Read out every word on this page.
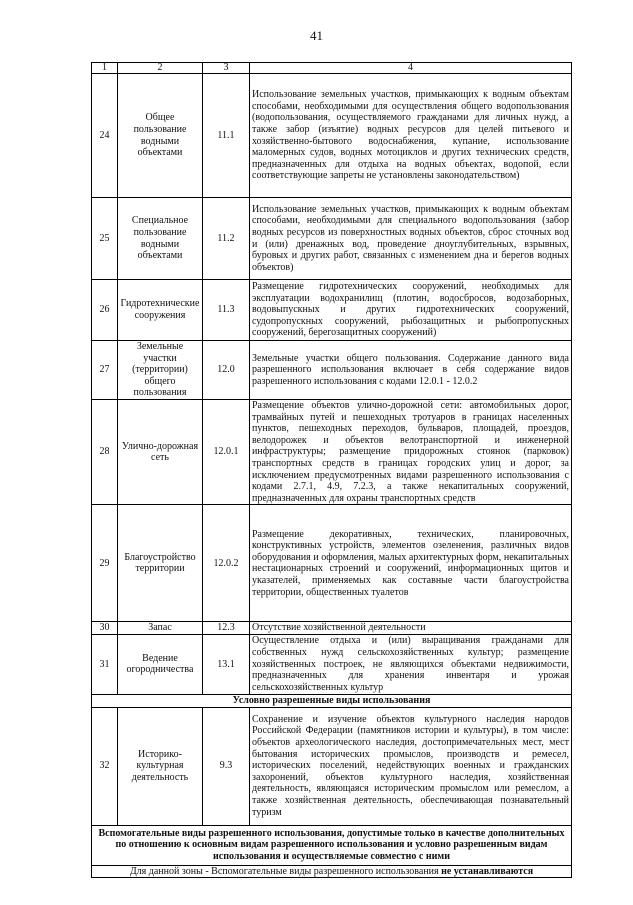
41
1	2	3	4
24	Общее пользование водными объектами	11.1	Использование земельных участков, примыкающих к водным объектам способами, необходимыми для осуществления общего водопользования (водопользования, осуществляемого гражданами для личных нужд, а также забор (изъятие) водных ресурсов для целей питьевого и хозяйственно-бытового водоснабжения, купание, использование маломерных судов, водных мотоциклов и других технических средств, предназначенных для отдыха на водных объектах, водопой, если соответствующие запреты не установлены законодательством)
25	Специальное пользование водными объектами	11.2	Использование земельных участков, примыкающих к водным объектам способами, необходимыми для специального водопользования (забор водных ресурсов из поверхностных водных объектов, сброс сточных вод и (или) дренажных вод, проведение дноуглубительных, взрывных, буровых и других работ, связанных с изменением дна и берегов водных объектов)
26	Гидротехнические сооружения	11.3	Размещение гидротехнических сооружений, необходимых для эксплуатации водохранилищ (плотин, водосбросов, водозаборных, водовыпускных и других гидротехнических сооружений, судопропускных сооружений, рыбозащитных и рыбопропускных сооружений, берегозащитных сооружений)
27	Земельные участки (территории) общего пользования	12.0	Земельные участки общего пользования. Содержание данного вида разрешенного использования включает в себя содержание видов разрешенного использования с кодами 12.0.1 - 12.0.2
28	Улично-дорожная сеть	12.0.1	Размещение объектов улично-дорожной сети: автомобильных дорог, трамвайных путей и пешеходных тротуаров в границах населенных пунктов, пешеходных переходов, бульваров, площадей, проездов, велодорожек и объектов велотранспортной и инженерной инфраструктуры; размещение придорожных стоянок (парковок) транспортных средств в границах городских улиц и дорог, за исключением предусмотренных видами разрешенного использования с кодами 2.7.1, 4.9, 7.2.3, а также некапитальных сооружений, предназначенных для охраны транспортных средств
29	Благоустройство территории	12.0.2	Размещение декоративных, технических, планировочных, конструктивных устройств, элементов озеленения, различных видов оборудования и оформления, малых архитектурных форм, некапитальных нестационарных строений и сооружений, информационных щитов и указателей, применяемых как составные части благоустройства территории, общественных туалетов
30	Запас	12.3	Отсутствие хозяйственной деятельности
31	Ведение огородничества	13.1	Осуществление отдыха и (или) выращивания гражданами для собственных нужд сельскохозяйственных культур; размещение хозяйственных построек, не являющихся объектами недвижимости, предназначенных для хранения инвентаря и урожая сельскохозяйственных культур
Условно разрешенные виды использования			
32	Историко-культурная деятельность	9.3	Сохранение и изучение объектов культурного наследия народов Российской Федерации (памятников истории и культуры), в том числе: объектов археологического наследия, достопримечательных мест, мест бытования исторических промыслов, производств и ремесел, исторических поселений, недействующих военных и гражданских захоронений, объектов культурного наследия, хозяйственная деятельность, являющаяся историческим промыслом или ремеслом, а также хозяйственная деятельность, обеспечивающая познавательный туризм
Вспомогательные виды разрешенного использования, допустимые только в качестве дополнительных по отношению к основным видам разрешенного использования и условно разрешенным видам использования и осуществляемые совместно с ними			
Для данной зоны - Вспомогательные виды разрешенного использования не устанавливаются			
